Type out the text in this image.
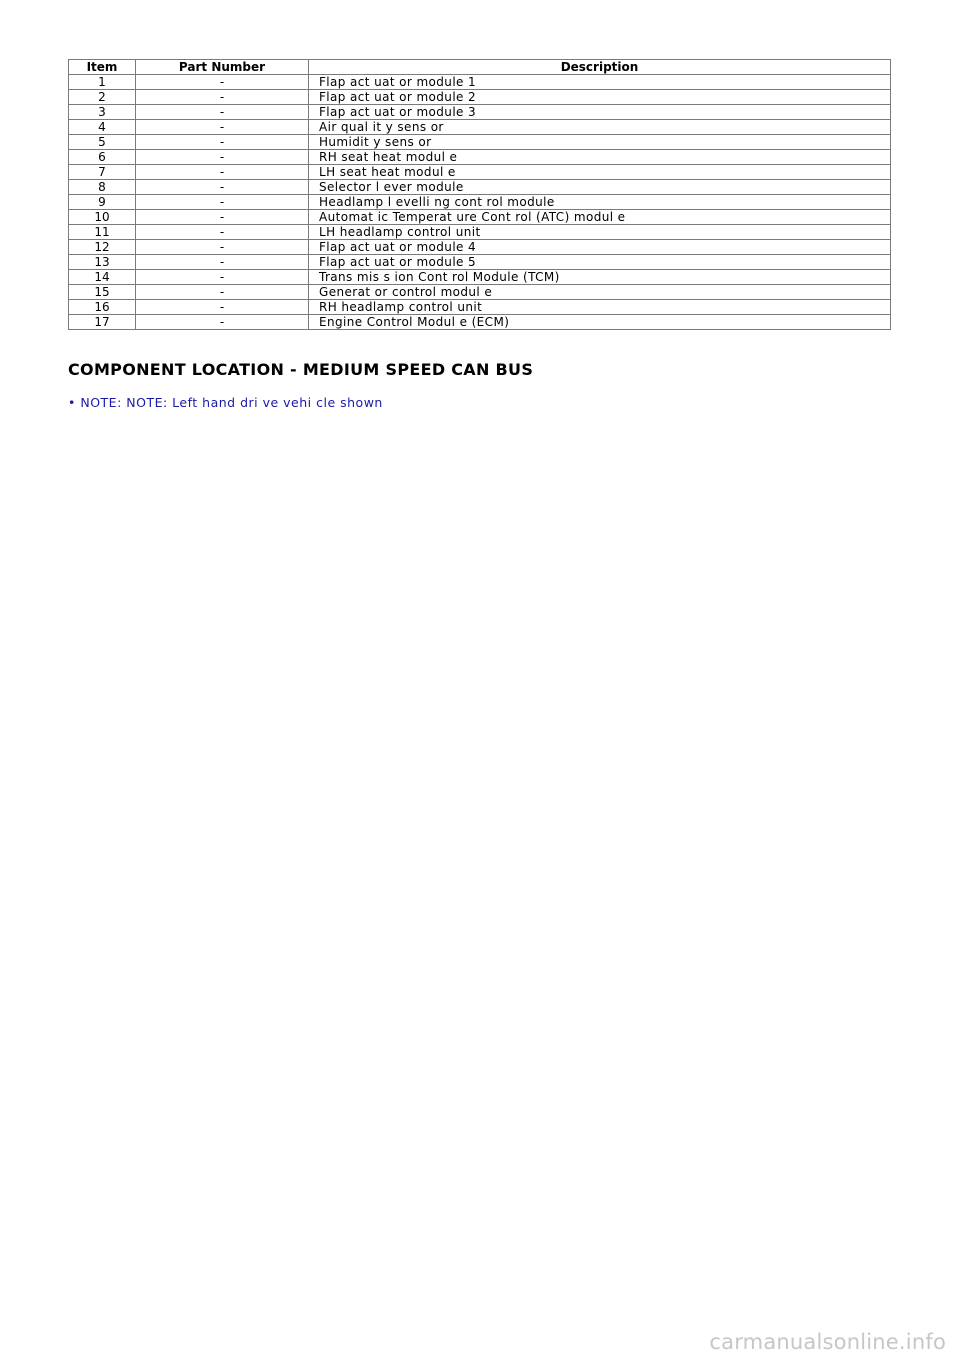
Item	Part Number	Description
1	-	Flap act uat or module 1
2	-	Flap act uat or module 2
3	-	Flap act uat or module 3
4	-	Air qual it y sens or
5	-	Humidit y sens or
6	-	RH seat heat modul e
7	-	LH seat heat modul e
8	-	Selector l ever module
9	-	Headlamp l evelli ng cont rol module
10	-	Automat ic Temperat ure Cont rol (ATC) modul e
11	-	LH headlamp control unit
12	-	Flap act uat or module 4
13	-	Flap act uat or module 5
14	-	Trans mis s ion Cont rol Module (TCM)
15	-	Generat or control modul e
16	-	RH headlamp control unit
17	-	Engine Control Modul e (ECM)
COMPONENT LOCATION - MEDIUM SPEED CAN BUS

• NOTE: NOTE: Left hand dri ve vehi cle shown

carmanualsonline.info
